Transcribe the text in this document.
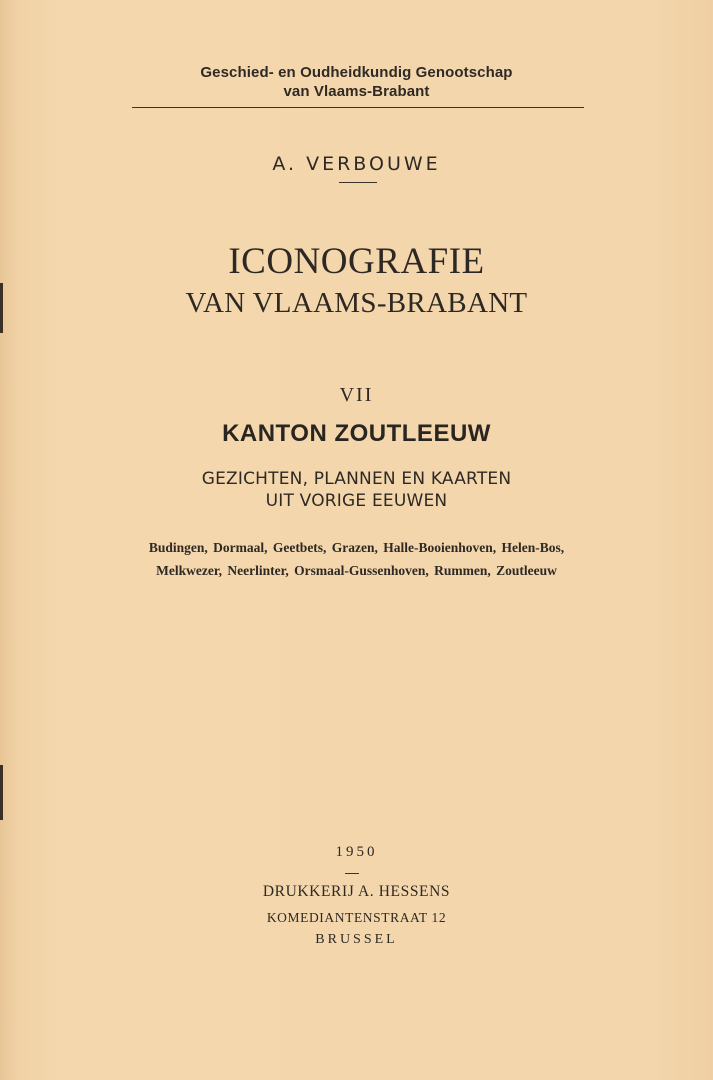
Geschied- en Oudheidkundig Genootschap
van Vlaams-Brabant
A. VERBOUWE
ICONOGRAFIE
VAN VLAAMS-BRABANT
VII
KANTON ZOUTLEEUW
GEZICHTEN, PLANNEN EN KAARTEN
UIT VORIGE EEUWEN
Budingen, Dormaal, Geetbets, Grazen, Halle-Booienhoven, Helen-Bos,
Melkwezer, Neerlinter, Orsmaal-Gussenhoven, Rummen, Zoutleeuw
1950
DRUKKERIJ A. HESSENS
KOMEDIANTENSTRAAT 12
BRUSSEL
